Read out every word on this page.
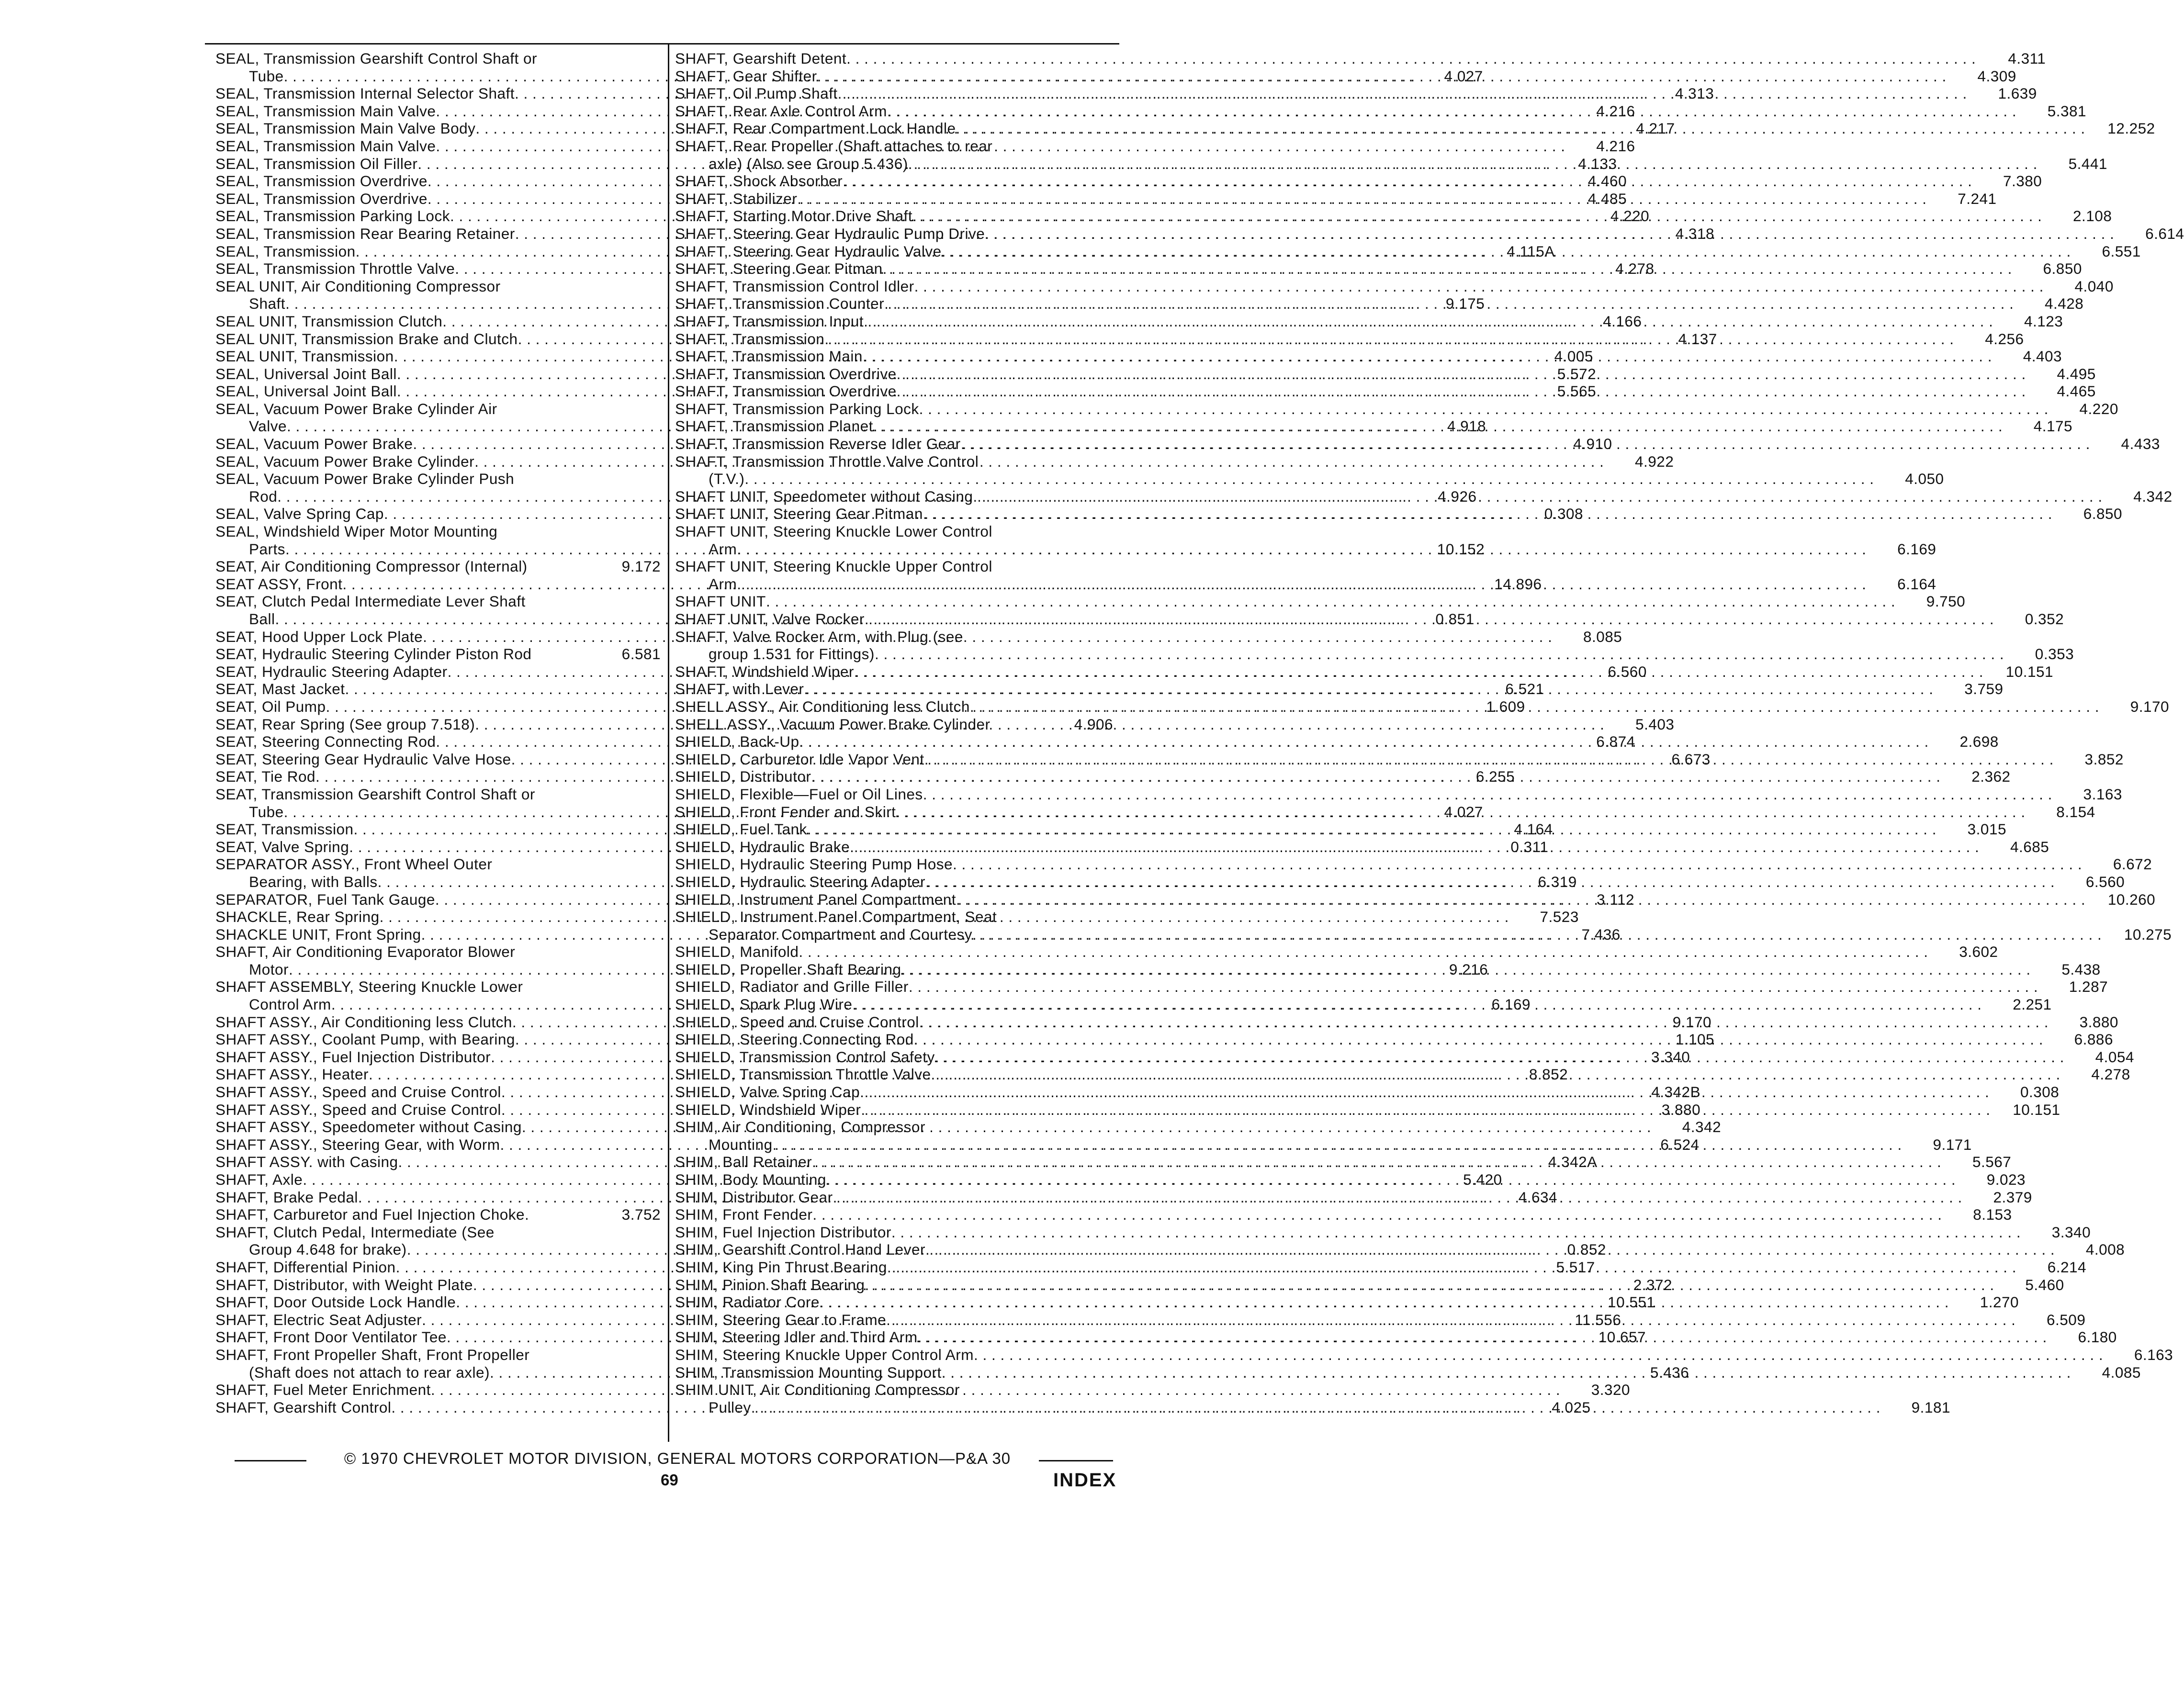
SEAL, Transmission Gearshift Control Shaft or
Tube . . .	4.027
SEAL, Transmission Internal Selector Shaft . . .	4.313
SEAL, Transmission Main Valve . . .	4.216
SEAL, Transmission Main Valve Body . . .	4.217
SEAL, Transmission Main Valve . . .	4.216
SEAL, Transmission Oil Filler . . .	4.133
SEAL, Transmission Overdrive . . .	4.460
SEAL, Transmission Overdrive . . .	4.485
SEAL, Transmission Parking Lock . . .	4.220
SEAL, Transmission Rear Bearing Retainer . . .	4.318
SEAL, Transmission . . .	4.115A
SEAL, Transmission Throttle Valve . . .	4.278
SEAL UNIT, Air Conditioning Compressor
Shaft . . .	9.175
SEAL UNIT, Transmission Clutch . . .	4.166
SEAL UNIT, Transmission Brake and Clutch . . .	4.137
SEAL UNIT, Transmission . . .	4.005
SEAL, Universal Joint Ball . . .	5.572
SEAL, Universal Joint Ball . . .	5.565
SEAL, Vacuum Power Brake Cylinder Air
Valve . . .	4.918
SEAL, Vacuum Power Brake . . .	4.910
SEAL, Vacuum Power Brake Cylinder . . .	4.922
SEAL, Vacuum Power Brake Cylinder Push
Rod . . .	4.926
SEAL, Valve Spring Cap . . .	0.308
SEAL, Windshield Wiper Motor Mounting
Parts . . .	10.152
SEAT, Air Conditioning Compressor (Internal)	9.172
SEAT ASSY, Front . . .	14.896
SEAT, Clutch Pedal Intermediate Lever Shaft
Ball . . .	0.851
SEAT, Hood Upper Lock Plate . . .	8.085
SEAT, Hydraulic Steering Cylinder Piston Rod	6.581
SEAT, Hydraulic Steering Adapter . . .	6.560
SEAT, Mast Jacket . . .	6.521
SEAT, Oil Pump . . .	1.609
SEAT, Rear Spring (See group 7.518) . . .	5.403
SEAT, Steering Connecting Rod . . .	6.874
SEAT, Steering Gear Hydraulic Valve Hose . . .	6.673
SEAT, Tie Rod . . .	6.255
SEAT, Transmission Gearshift Control Shaft or
Tube . . .	4.027
SEAT, Transmission . . .	4.164
SEAT, Valve Spring . . .	0.311
SEPARATOR ASSY., Front Wheel Outer
Bearing, with Balls . . .	6.319
SEPARATOR, Fuel Tank Gauge . . .	3.112
SHACKLE, Rear Spring . . .	7.523
SHACKLE UNIT, Front Spring . . .	7.436
SHAFT, Air Conditioning Evaporator Blower
Motor . . .	9.216
SHAFT ASSEMBLY, Steering Knuckle Lower
Control Arm . . .	6.169
SHAFT ASSY., Air Conditioning less Clutch . . .	9.170
SHAFT ASSY., Coolant Pump, with Bearing . . .	1.105
SHAFT ASSY., Fuel Injection Distributor . . .	3.340
SHAFT ASSY., Heater . . .	8.852
SHAFT ASSY., Speed and Cruise Control . . .	4.342B
SHAFT ASSY., Speed and Cruise Control . . .	3.880
SHAFT ASSY., Speedometer without Casing . . .	4.342
SHAFT ASSY., Steering Gear, with Worm . . .	6.524
SHAFT ASSY. with Casing . . .	4.342A
SHAFT, Axle . . .	5.420
SHAFT, Brake Pedal . . .	4.634
SHAFT, Carburetor and Fuel Injection Choke.	3.752
SHAFT, Clutch Pedal, Intermediate (See
Group 4.648 for brake) . . .	0.852
SHAFT, Differential Pinion . . .	5.517
SHAFT, Distributor, with Weight Plate . . .	2.372
SHAFT, Door Outside Lock Handle . . .	10.551
SHAFT, Electric Seat Adjuster . . .	11.556
SHAFT, Front Door Ventilator Tee . . .	10.657
SHAFT, Front Propeller Shaft, Front Propeller
(Shaft does not attach to rear axle) . . .	5.436
SHAFT, Fuel Meter Enrichment . . .	3.320
SHAFT, Gearshift Control . . .	4.025
SHAFT, Gearshift Detent . . .	4.311
SHAFT, Gear Shifter . . .	4.309
SHAFT, Oil Pump Shaft . . .	1.639
SHAFT, Rear Axle Control Arm . . .	5.381
SHAFT, Rear Compartment Lock Handle . . .	12.252
SHAFT, Rear Propeller (Shaft attaches to rear
axle) (Also see Group 5.436) . . .	5.441
SHAFT, Shock Absorber . . .	7.380
SHAFT, Stabilizer . . .	7.241
SHAFT, Starting Motor Drive Shaft . . .	2.108
SHAFT, Steering Gear Hydraulic Pump Drive . . .	6.614
SHAFT, Steering Gear Hydraulic Valve . . .	6.551
SHAFT, Steering Gear Pitman . . .	6.850
SHAFT, Transmission Control Idler . . .	4.040
SHAFT, Transmission Counter . . .	4.428
SHAFT, Transmission Input . . .	4.123
SHAFT, Transmission . . .	4.256
SHAFT, Transmission Main . . .	4.403
SHAFT, Transmission Overdrive . . .	4.495
SHAFT, Transmission Overdrive . . .	4.465
SHAFT, Transmission Parking Lock . . .	4.220
SHAFT, Transmission Planet . . .	4.175
SHAFT, Transmission Reverse Idler Gear . . .	4.433
SHAFT, Transmission Throttle Valve Control
(T.V.) . . .	4.050
SHAFT UNIT, Speedometer without Casing . . .	4.342
SHAFT UNIT, Steering Gear Pitman . . .	6.850
SHAFT UNIT, Steering Knuckle Lower Control
Arm . . .	6.169
SHAFT UNIT, Steering Knuckle Upper Control
Arm . . .	6.164
SHAFT UNIT . . .	9.750
SHAFT UNIT, Valve Rocker . . .	0.352
SHAFT, Valve Rocker Arm, with Plug (see
group 1.531 for Fittings) . . .	0.353
SHAFT, Windshield Wiper . . .	10.151
SHAFT, with Lever . . .	3.759
SHELL ASSY., Air Conditioning less Clutch . . .	9.170
SHELL ASSY., Vacuum Power Brake Cylinder	4.906
SHIELD, Back-Up . . .	2.698
SHIELD, Carburetor Idle Vapor Vent . . .	3.852
SHIELD, Distributor . . .	2.362
SHIELD, Flexible—Fuel or Oil Lines . . .	3.163
SHIELD, Front Fender and Skirt . . .	8.154
SHIELD, Fuel Tank . . .	3.015
SHIELD, Hydraulic Brake . . .	4.685
SHIELD, Hydraulic Steering Pump Hose . . .	6.672
SHIELD, Hydraulic Steering Adapter . . .	6.560
SHIELD, Instrument Panel Compartment . . .	10.260
SHIELD, Instrument Panel Compartment, Seat
Separator Compartment and Courtesy . . .	10.275
SHIELD, Manifold . . .	3.602
SHIELD, Propeller Shaft Bearing . . .	5.438
SHIELD, Radiator and Grille Filler . . .	1.287
SHIELD, Spark Plug Wire . . .	2.251
SHIELD, Speed and Cruise Control . . .	3.880
SHIELD, Steering Connecting Rod . . .	6.886
SHIELD, Transmission Control Safety . . .	4.054
SHIELD, Transmission Throttle Valve . . .	4.278
SHIELD, Valve Spring Cap . . .	0.308
SHIELD, Windshield Wiper . . .	10.151
SHIM, Air Conditioning, Compressor
Mounting . . .	9.171
SHIM, Ball Retainer . . .	5.567
SHIM, Body Mounting . . .	9.023
SHIM, Distributor Gear . . .	2.379
SHIM, Front Fender . . .	8.153
SHIM, Fuel Injection Distributor . . .	3.340
SHIM, Gearshift Control Hand Lever . . .	4.008
SHIM, King Pin Thrust Bearing . . .	6.214
SHIM, Pinion Shaft Bearing . . .	5.460
SHIM, Radiator Core . . .	1.270
SHIM, Steering Gear to Frame . . .	6.509
SHIM, Steering Idler and Third Arm . . .	6.180
SHIM, Steering Knuckle Upper Control Arm . . .	6.163
SHIM, Transmission Mounting Support . . .	4.085
SHIM UNIT, Air Conditioning Compressor
Pulley . . .	9.181
© 1970 CHEVROLET MOTOR DIVISION, GENERAL MOTORS CORPORATION—P&A 30
69	INDEX
